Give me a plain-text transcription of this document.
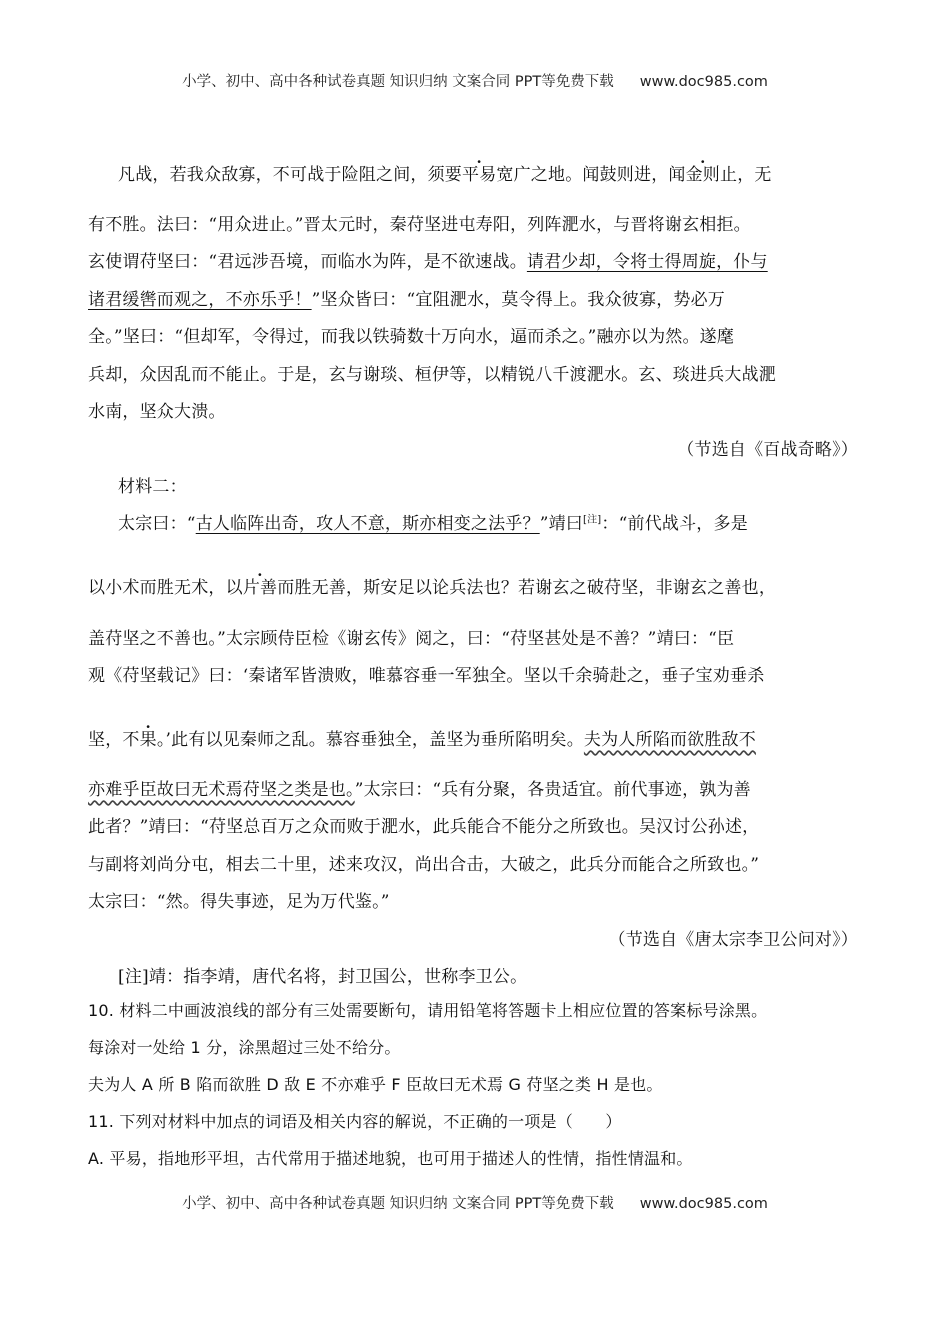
小学、初中、高中各种试卷真题 知识归纳 文案合同 PPT等免费下载 www.doc985.com
凡战，若我众敌寡，不可战于险阻之间，须要平易宽广之地。闻鼓则进，闻金则止，无
有不胜。法曰：“用众进止。”晋太元时，秦苻坚进屯寿阳，列阵淝水，与晋将谢玄相拒。
玄使谓苻坚曰：“君远涉吾境，而临水为阵，是不欲速战。请君少却，令将士得周旋，仆与
诸君缓辔而观之，不亦乐乎！”坚众皆曰：“宜阻淝水，莫令得上。我众彼寡，势必万
全。”坚曰：“但却军，令得过，而我以铁骑数十万向水，逼而杀之。”融亦以为然。遂麾
兵却，众因乱而不能止。于是，玄与谢琰、桓伊等，以精锐八千渡淝水。玄、琰进兵大战淝
水南，坚众大溃。
（节选自《百战奇略》）
材料二：
太宗曰：“古人临阵出奇，攻人不意，斯亦相变之法乎？”靖曰[注]：“前代战斗，多是
以小术而胜无术，以片善而胜无善，斯安足以论兵法也？若谢玄之破苻坚，非谢玄之善也，
盖苻坚之不善也。”太宗顾侍臣检《谢玄传》阅之，曰：“苻坚甚处是不善？”靖曰：“臣
观《苻坚载记》曰：‘秦诸军皆溃败，唯慕容垂一军独全。坚以千余骑赴之，垂子宝劝垂杀
坚，不果。’此有以见秦师之乱。慕容垂独全，盖坚为垂所陷明矣。夫为人所陷而欲胜敌不
亦难乎臣故曰无术焉苻坚之类是也。”太宗曰：“兵有分聚，各贵适宜。前代事迹，孰为善
此者？”靖曰：“苻坚总百万之众而败于淝水，此兵能合不能分之所致也。吴汉讨公孙述，
与副将刘尚分屯，相去二十里，述来攻汉，尚出合击，大破之，此兵分而能合之所致也。”
太宗曰：“然。得失事迹，足为万代鉴。”
（节选自《唐太宗李卫公问对》）
[注]靖：指李靖，唐代名将，封卫国公，世称李卫公。
10. 材料二中画波浪线的部分有三处需要断句，请用铅笔将答题卡上相应位置的答案标号涂黑。
每涂对一处给 1 分，涂黑超过三处不给分。
夫为人 A 所 B 陷而欲胜 D 敌 E 不亦难乎 F 臣故曰无术焉 G 苻坚之类 H 是也。
11. 下列对材料中加点的词语及相关内容的解说，不正确的一项是（　　）
A. 平易，指地形平坦，古代常用于描述地貌，也可用于描述人的性情，指性情温和。
小学、初中、高中各种试卷真题 知识归纳 文案合同 PPT等免费下载 www.doc985.com
